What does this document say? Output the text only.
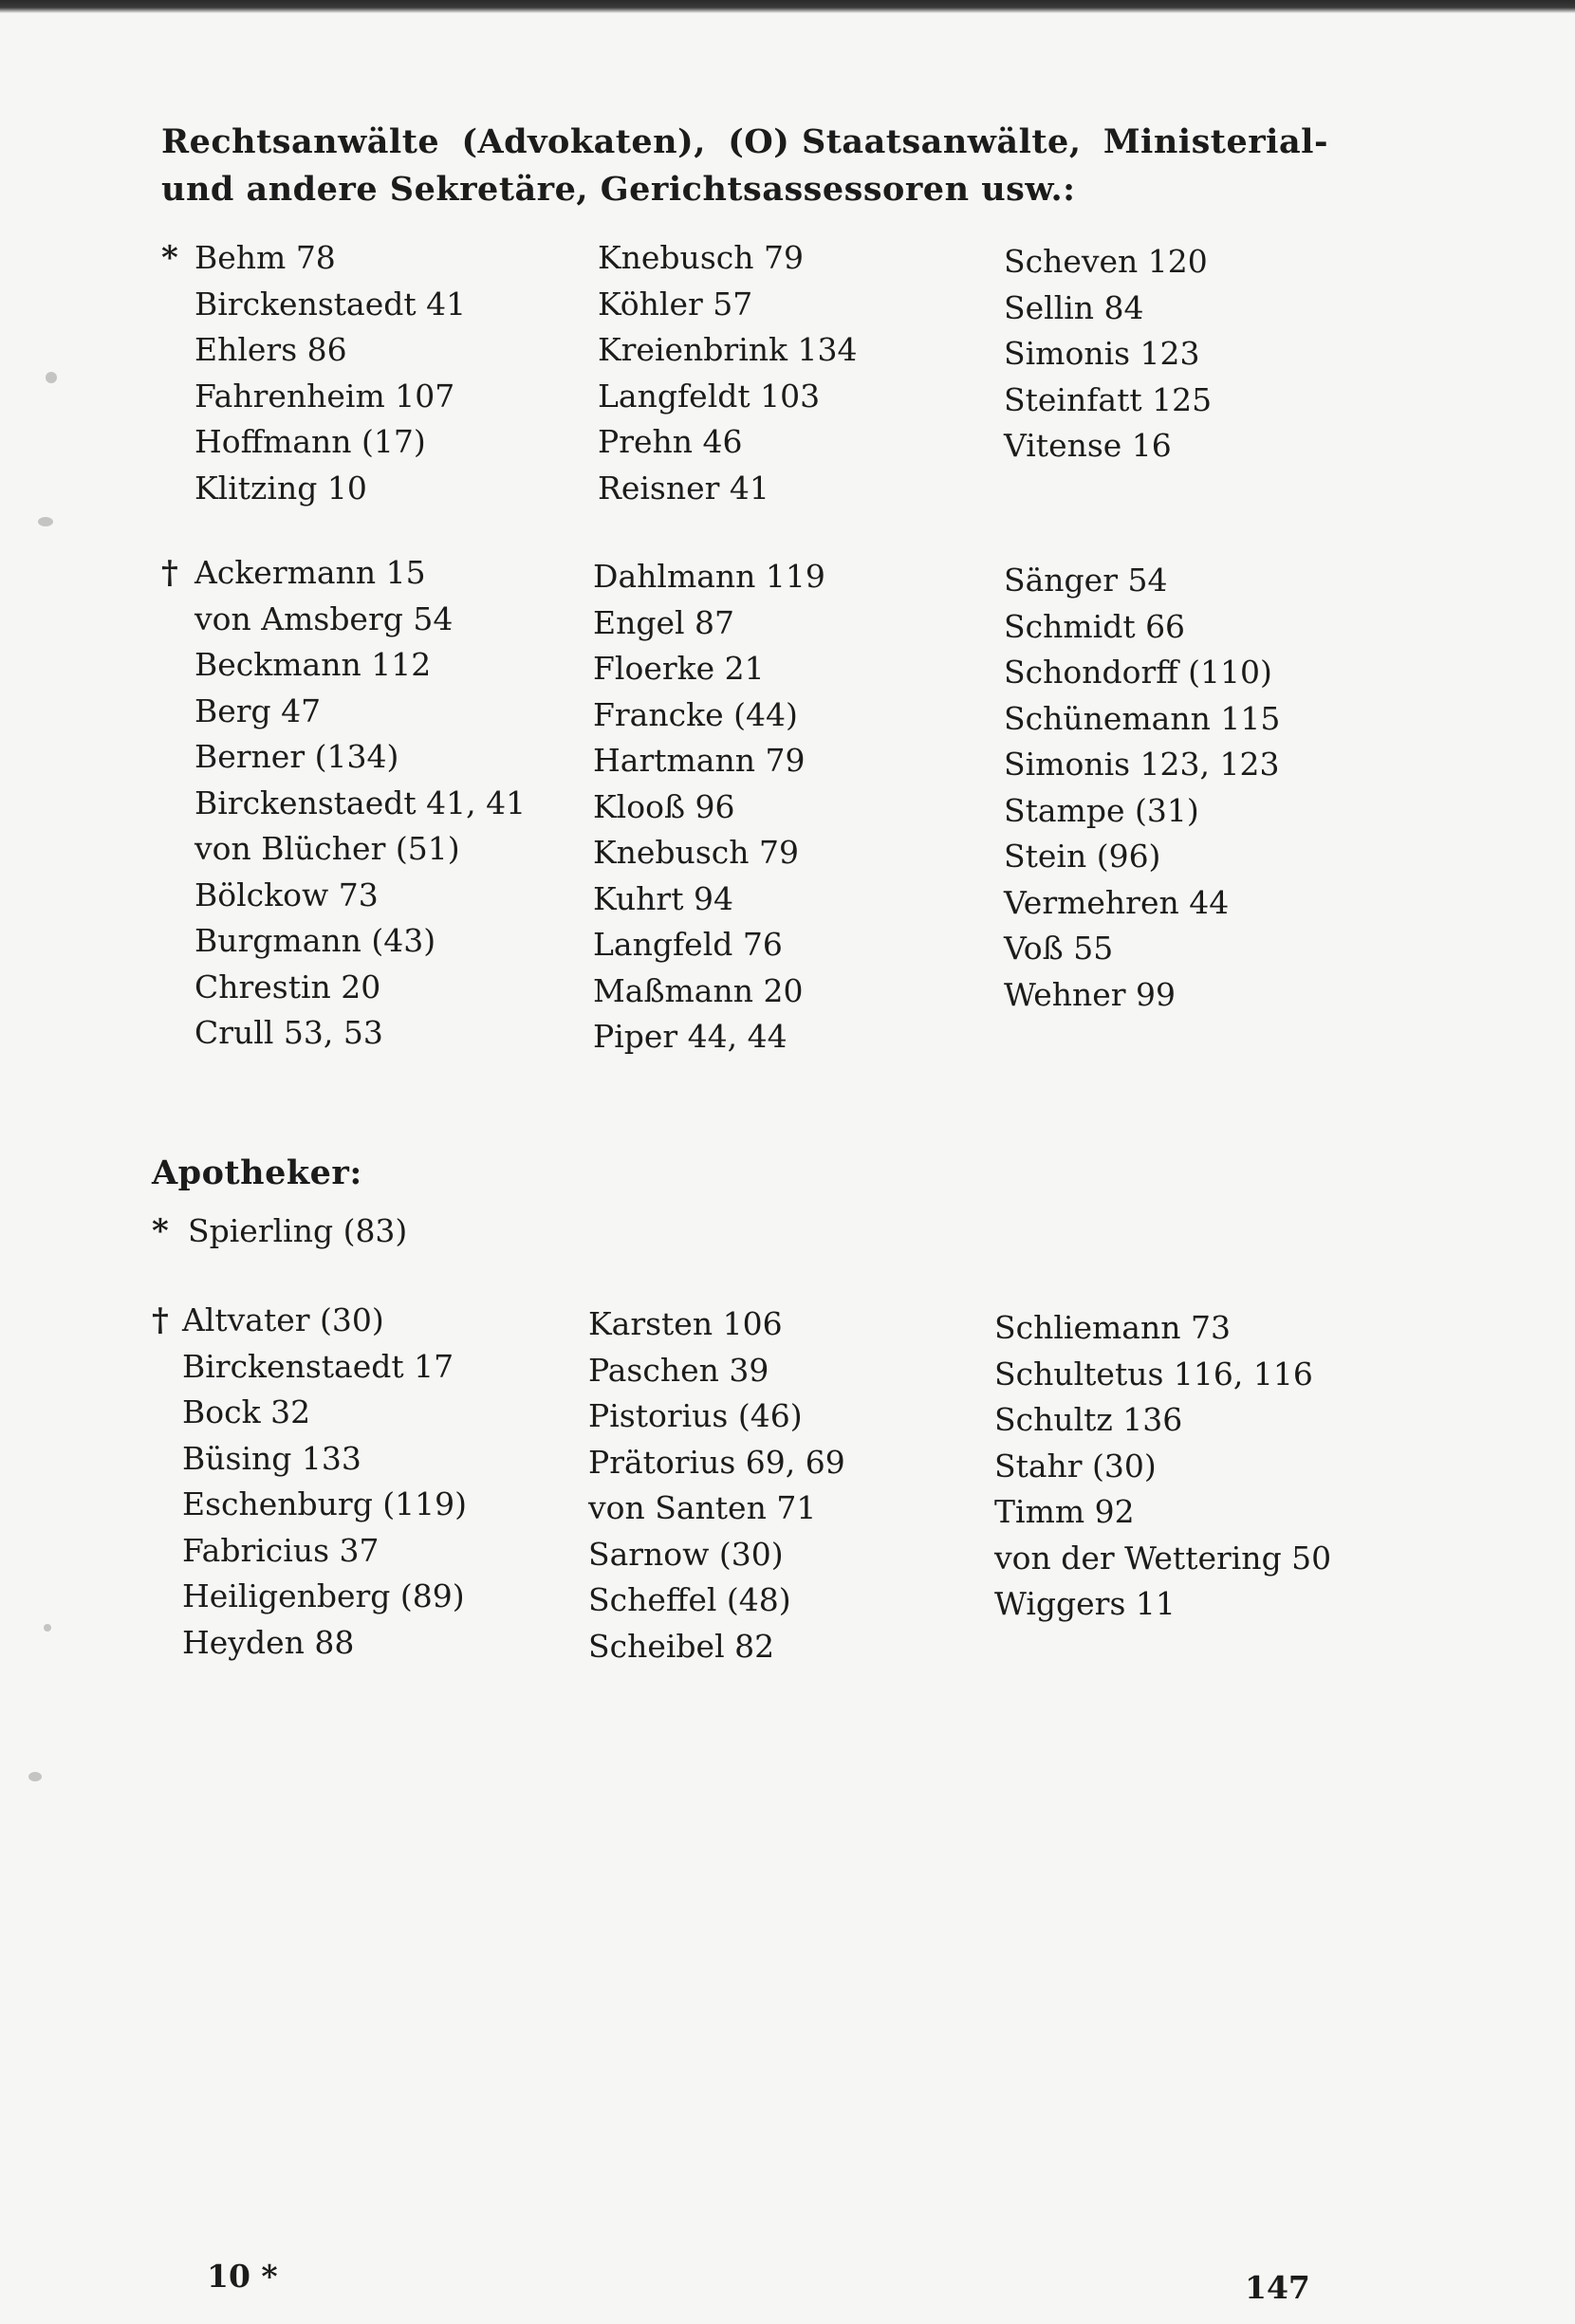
Rechtsanwälte (Advokaten), (O) Staatsanwälte, Ministerial-
und andere Sekretäre, Gerichtsassessoren usw.:
* Behm 78
Birckenstaedt 41
Ehlers 86
Fahrenheim 107
Hoffmann (17)
Klitzing 10
Knebusch 79
Köhler 57
Kreienbrink 134
Langfeldt 103
Prehn 46
Reisner 41
Scheven 120
Sellin 84
Simonis 123
Steinfatt 125
Vitense 16
† Ackermann 15
von Amsberg 54
Beckmann 112
Berg 47
Berner (134)
Birckenstaedt 41, 41
von Blücher (51)
Bölckow 73
Burgmann (43)
Chrestin 20
Crull 53, 53
Dahlmann 119
Engel 87
Floerke 21
Francke (44)
Hartmann 79
Klooß 96
Knebusch 79
Kuhrt 94
Langfeld 76
Maßmann 20
Piper 44, 44
Sänger 54
Schmidt 66
Schondorff (110)
Schünemann 115
Simonis 123, 123
Stampe (31)
Stein (96)
Vermehren 44
Voß 55
Wehner 99
Apotheker:
* Spierling (83)
† Altvater (30)
Birckenstaedt 17
Bock 32
Büsing 133
Eschenburg (119)
Fabricius 37
Heiligenberg (89)
Heyden 88
Karsten 106
Paschen 39
Pistorius (46)
Prätorius 69, 69
von Santen 71
Sarnow (30)
Scheffel (48)
Scheibel 82
Schliemann 73
Schultetus 116, 116
Schultz 136
Stahr (30)
Timm 92
von der Wettering 50
Wiggers 11
10 *	147
